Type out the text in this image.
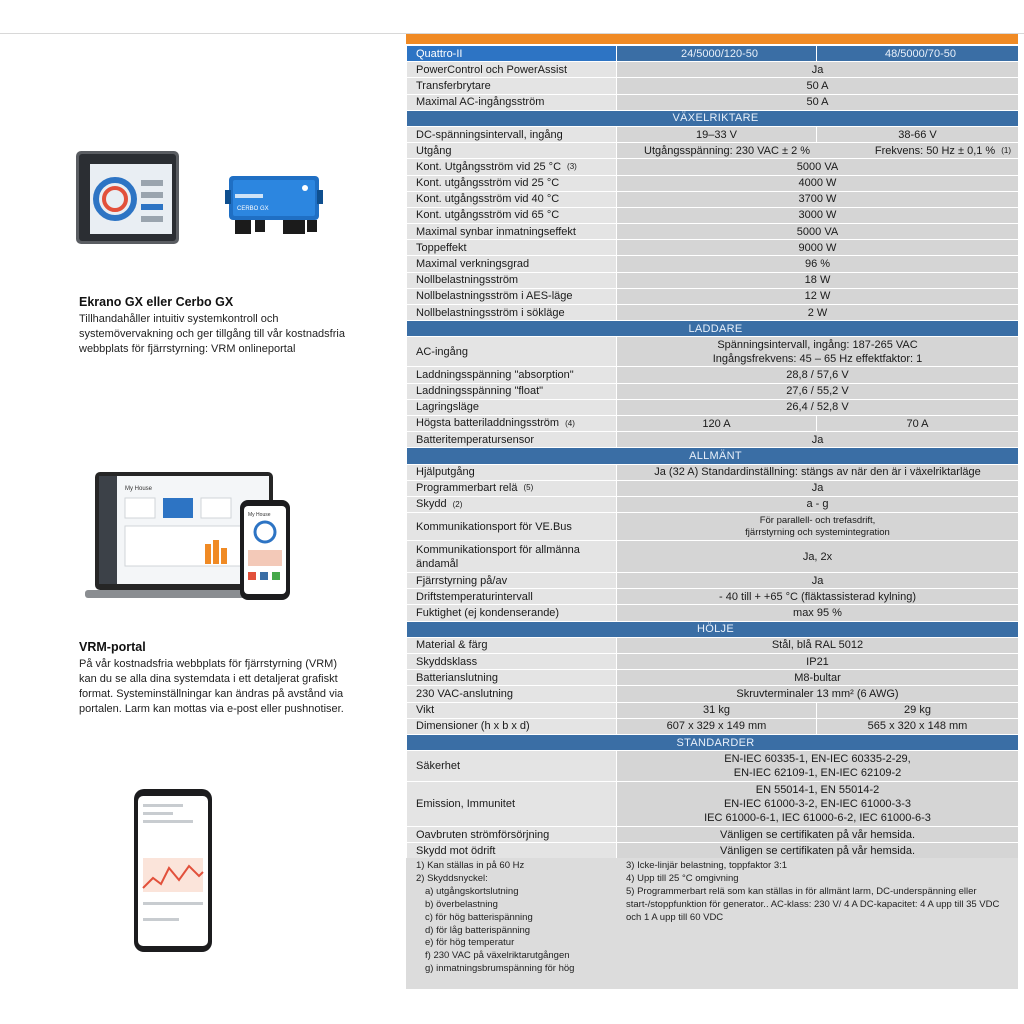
CERBO GX
Ekrano GX eller Cerbo GX
Tillhandahåller intuitiv systemkontroll och systemövervakning och ger tillgång till vår kostnadsfria webbplats för fjärrstyrning: VRM onlineportal
My House
My House
VRM-portal
På vår kostnadsfria webbplats för fjärrstyrning (VRM) kan du se alla dina systemdata i ett detaljerat grafiskt format. Systeminställningar kan ändras på avstånd via portalen. Larm kan mottas via e-post eller pushnotiser.
Quattro-II	24/5000/120-50	48/5000/70-50
PowerControl och PowerAssist	Ja	
Transferbrytare	50 A	
Maximal AC-ingångsström	50 A	
VÄXELRIKTARE		
DC-spänningsintervall, ingång	19–33 V	38-66 V
Utgång	Utgångsspänning: 230 VAC ± 2 % Frekvens: 50 Hz ± 0,1 % (1)	

Kont. Utgångsström vid 25 °C (3)	5000 VA	
Kont. utgångsström vid 25 °C	4000 W	
Kont. utgångsström vid 40 °C	3700 W	
Kont. utgångsström vid 65 °C	3000 W	
Maximal synbar inmatningseffekt	5000 VA	
Toppeffekt	9000 W	
Maximal verkningsgrad	96 %	
Nollbelastningsström	18 W	
Nollbelastningsström i AES-läge	12 W	
Nollbelastningsström i sökläge	2 W	
LADDARE		
AC-ingång	Spänningsintervall, ingång: 187-265 VAC
Ingångsfrekvens: 45 – 65 Hz effektfaktor: 1	

Laddningsspänning "absorption"	28,8 / 57,6 V	
Laddningsspänning "float"	27,6 / 55,2 V	
Lagringsläge	26,4 / 52,8 V	
Högsta batteriladdningsström (4)	120 A	70 A
Batteritemperatursensor	Ja	
ALLMÄNT		
Hjälputgång	Ja (32 A) Standardinställning: stängs av när den är i växelriktarläge	
Programmerbart relä (5)	Ja	
Skydd (2)	a - g	
Kommunikationsport för VE.Bus	För parallell- och trefasdrift,
fjärrstyrning och systemintegration	

Kommunikationsport för allmänna ändamål	Ja, 2x	
Fjärrstyrning på/av	Ja	
Driftstemperaturintervall	- 40 till + +65 °C (fläktassisterad kylning)	
Fuktighet (ej kondenserande)	max 95 %	
HÖLJE		
Material & färg	Stål, blå RAL 5012	
Skyddsklass	IP21	
Batterianslutning	M8-bultar	
230 VAC-anslutning	Skruvterminaler 13 mm² (6 AWG)	
Vikt	31 kg	29 kg
Dimensioner (h x b x d)	607 x 329 x 149 mm	565 x 320 x 148 mm
STANDARDER		
Säkerhet	EN-IEC 60335-1, EN-IEC 60335-2-29,
EN-IEC 62109-1, EN-IEC 62109-2	

Emission, Immunitet	EN 55014-1, EN 55014-2
EN-IEC 61000-3-2, EN-IEC 61000-3-3
IEC 61000-6-1, IEC 61000-6-2, IEC 61000-6-3	

Oavbruten strömförsörjning	Vänligen se certifikaten på vår hemsida.	
Skydd mot ödrift	Vänligen se certifikaten på vår hemsida.	
1) Kan ställas in på 60 Hz
2) Skyddsnyckel:
a) utgångskortslutning
b) överbelastning
c) för hög batterispänning
d) för låg batterispänning
e) för hög temperatur
f) 230 VAC på växelriktarutgången
g) inmatningsbrumspänning för hög
3) Icke-linjär belastning, toppfaktor 3:1
4) Upp till 25 °C omgivning
5) Programmerbart relä som kan ställas in för allmänt larm, DC-underspänning eller start-/stoppfunktion för generator.. AC-klass: 230 V/ 4 A DC-kapacitet: 4 A upp till 35 VDC och 1 A upp till 60 VDC
